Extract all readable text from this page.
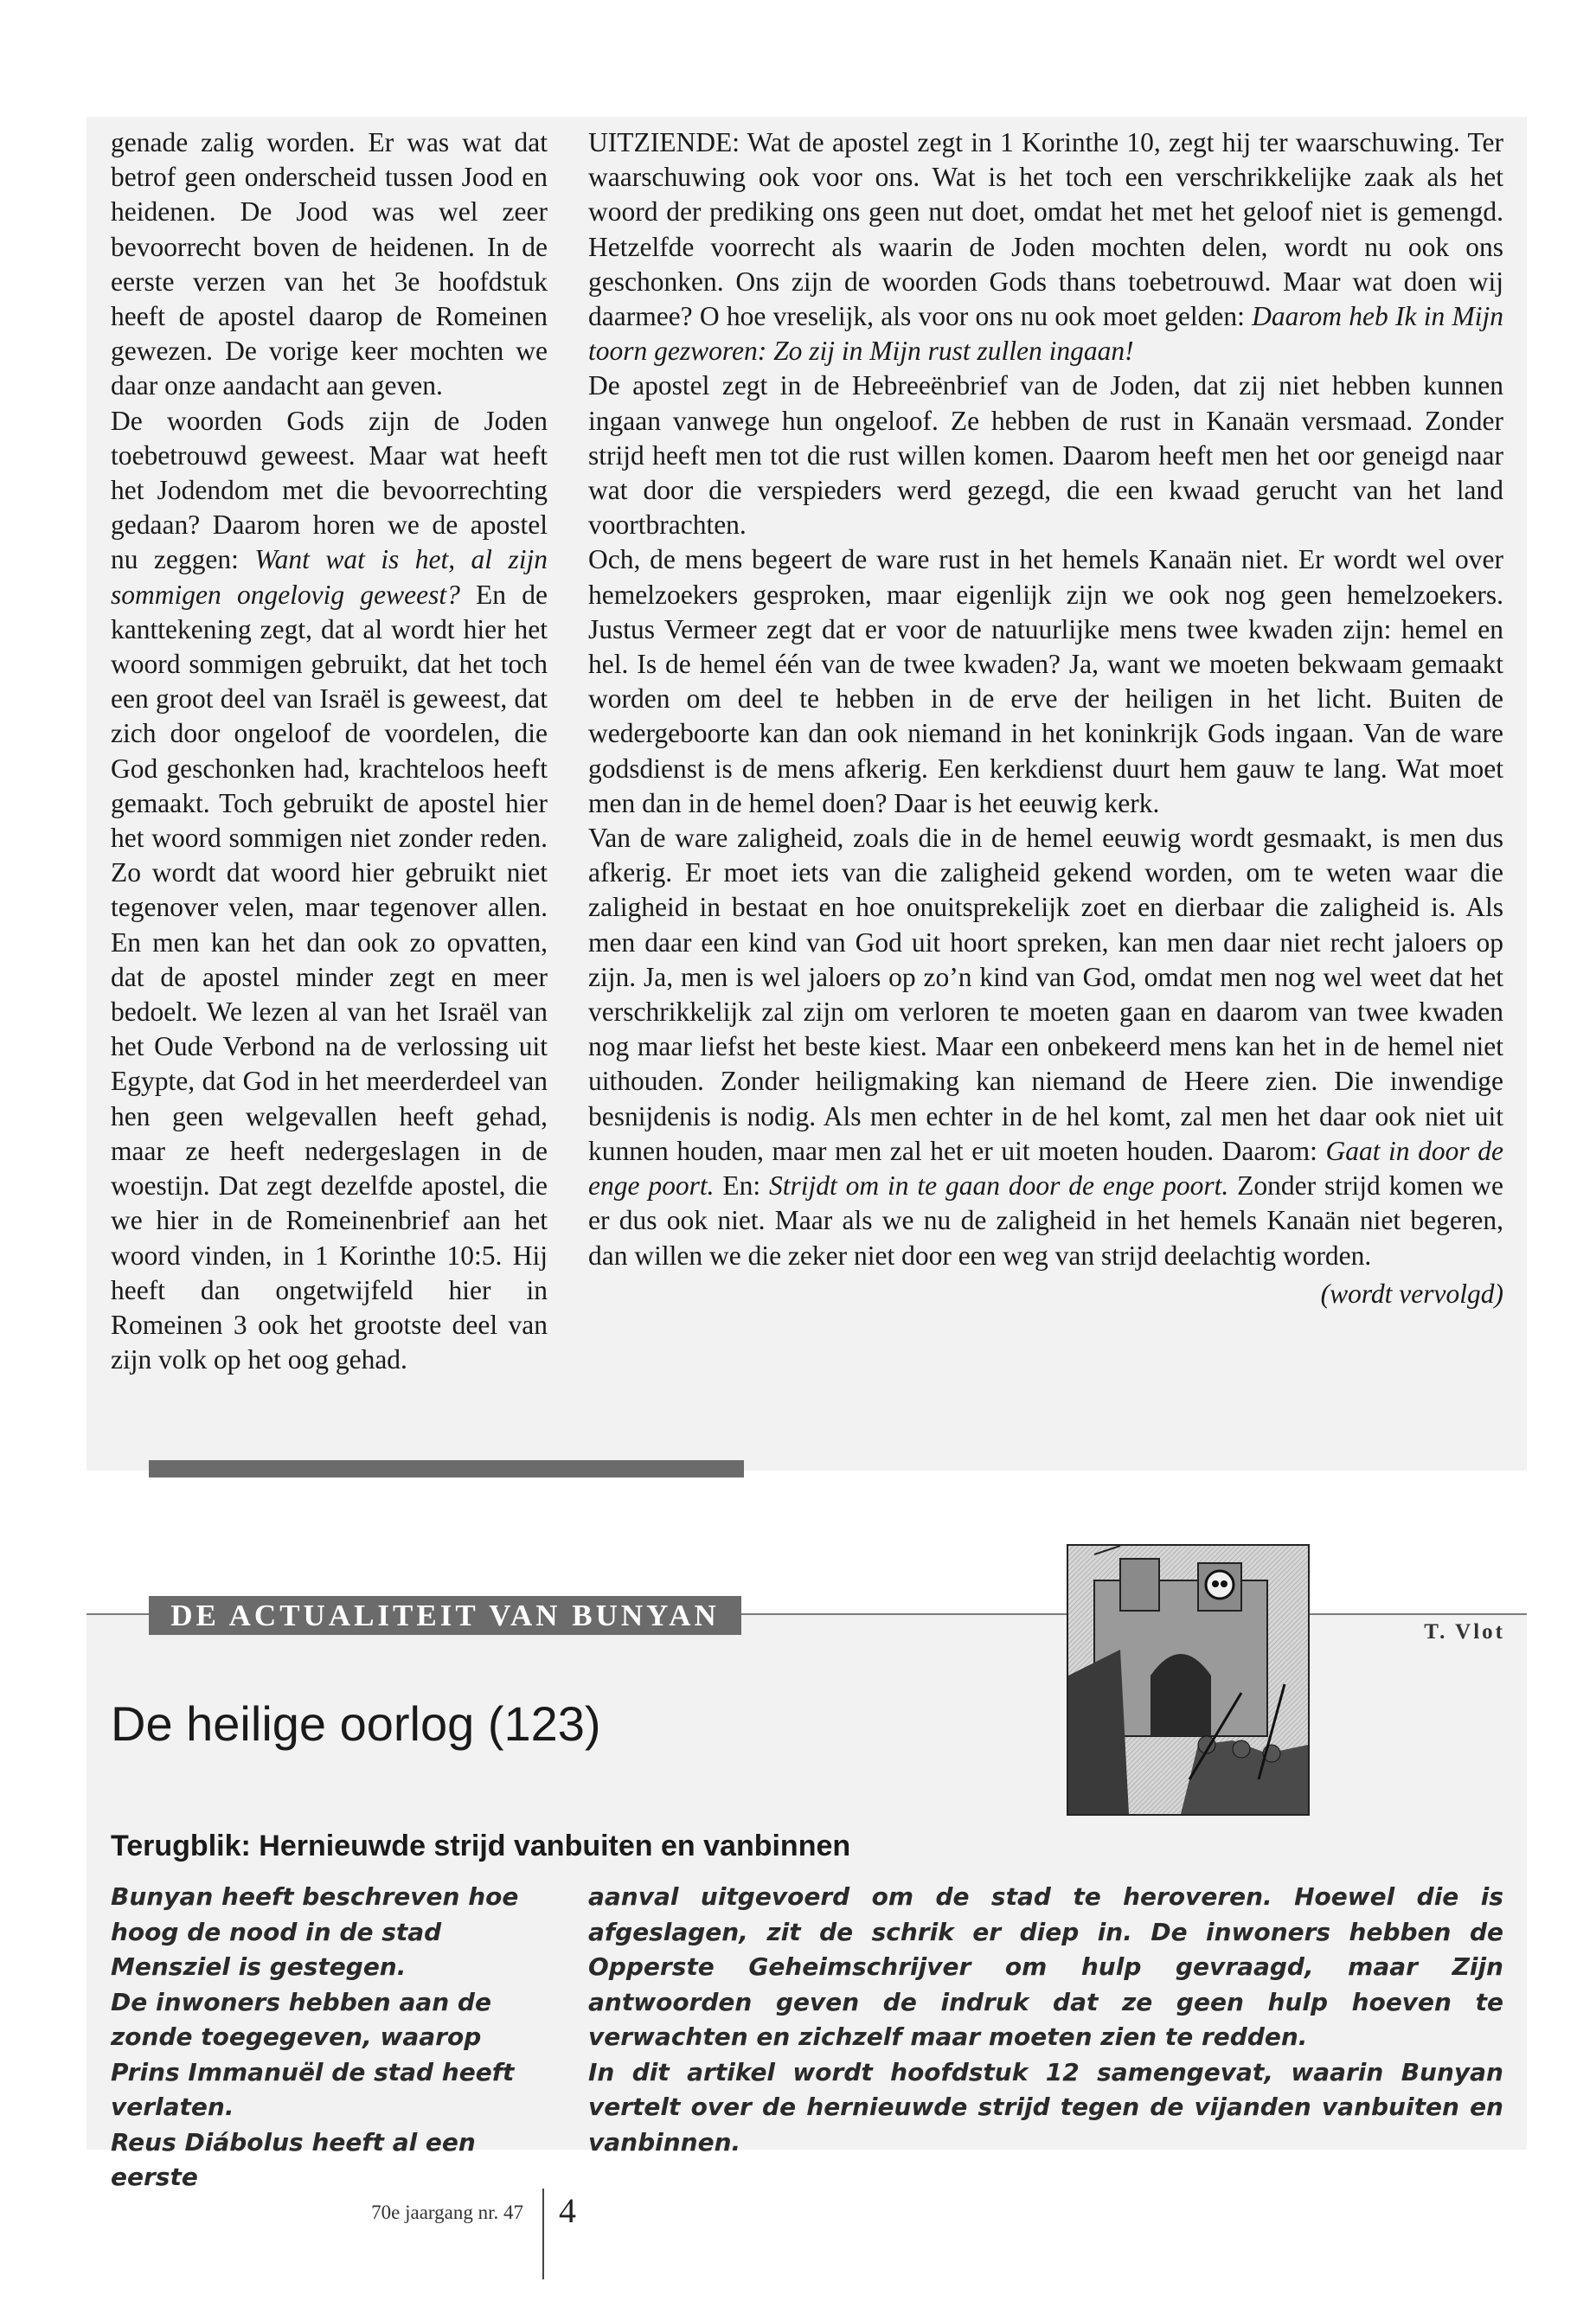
genade zalig worden. Er was wat dat betrof geen onderscheid tussen Jood en heidenen. De Jood was wel zeer bevoorrecht boven de heidenen. In de eerste verzen van het 3e hoofdstuk heeft de apostel daarop de Romeinen gewezen. De vorige keer mochten we daar onze aandacht aan geven.

De woorden Gods zijn de Joden toebetrouwd geweest. Maar wat heeft het Jodendom met die bevoorrechting gedaan? Daarom horen we de apostel nu zeggen: Want wat is het, al zijn sommigen ongelovig geweest? En de kanttekening zegt, dat al wordt hier het woord sommigen gebruikt, dat het toch een groot deel van Israël is geweest, dat zich door ongeloof de voordelen, die God geschonken had, krachteloos heeft gemaakt. Toch gebruikt de apostel hier het woord sommigen niet zonder reden. Zo wordt dat woord hier gebruikt niet tegenover velen, maar tegenover allen. En men kan het dan ook zo opvatten, dat de apostel minder zegt en meer bedoelt. We lezen al van het Israël van het Oude Verbond na de verlossing uit Egypte, dat God in het meerderdeel van hen geen welgevallen heeft gehad, maar ze heeft nedergeslagen in de woestijn. Dat zegt dezelfde apostel, die we hier in de Romeinenbrief aan het woord vinden, in 1 Korinthe 10:5. Hij heeft dan ongetwijfeld hier in Romeinen 3 ook het grootste deel van zijn volk op het oog gehad.

UITZIENDE: Wat de apostel zegt in 1 Korinthe 10, zegt hij ter waarschuwing. Ter waarschuwing ook voor ons. Wat is het toch een verschrikkelijke zaak als het woord der prediking ons geen nut doet, omdat het met het geloof niet is gemengd. Hetzelfde voorrecht als waarin de Joden mochten delen, wordt nu ook ons geschonken. Ons zijn de woorden Gods thans toebetrouwd. Maar wat doen wij daarmee? O hoe vreselijk, als voor ons nu ook moet gelden: Daarom heb Ik in Mijn toorn gezworen: Zo zij in Mijn rust zullen ingaan!

De apostel zegt in de Hebreeënbrief van de Joden, dat zij niet hebben kunnen ingaan vanwege hun ongeloof. Ze hebben de rust in Kanaän versmaad. Zonder strijd heeft men tot die rust willen komen. Daarom heeft men het oor geneigd naar wat door die verspieders werd gezegd, die een kwaad gerucht van het land voortbrachten.

Och, de mens begeert de ware rust in het hemels Kanaän niet. Er wordt wel over hemelzoekers gesproken, maar eigenlijk zijn we ook nog geen hemelzoekers. Justus Vermeer zegt dat er voor de natuurlijke mens twee kwaden zijn: hemel en hel. Is de hemel één van de twee kwaden? Ja, want we moeten bekwaam gemaakt worden om deel te hebben in de erve der heiligen in het licht. Buiten de wedergeboorte kan dan ook niemand in het koninkrijk Gods ingaan. Van de ware godsdienst is de mens afkerig. Een kerkdienst duurt hem gauw te lang. Wat moet men dan in de hemel doen? Daar is het eeuwig kerk.

Van de ware zaligheid, zoals die in de hemel eeuwig wordt gesmaakt, is men dus afkerig. Er moet iets van die zaligheid gekend worden, om te weten waar die zaligheid in bestaat en hoe onuitsprekelijk zoet en dierbaar die zaligheid is. Als men daar een kind van God uit hoort spreken, kan men daar niet recht jaloers op zijn. Ja, men is wel jaloers op zo’n kind van God, omdat men nog wel weet dat het verschrikkelijk zal zijn om verloren te moeten gaan en daarom van twee kwaden nog maar liefst het beste kiest. Maar een onbekeerd mens kan het in de hemel niet uithouden. Zonder heiligmaking kan niemand de Heere zien. Die inwendige besnijdenis is nodig. Als men echter in de hel komt, zal men het daar ook niet uit kunnen houden, maar men zal het er uit moeten houden. Daarom: Gaat in door de enge poort. En: Strijdt om in te gaan door de enge poort. Zonder strijd komen we er dus ook niet. Maar als we nu de zaligheid in het hemels Kanaän niet begeren, dan willen we die zeker niet door een weg van strijd deelachtig worden.

(wordt vervolgd)

DE ACTUALITEIT VAN BUNYAN	T. Vlot
De heilige oorlog (123)
Terugblik: Hernieuwde strijd vanbuiten en vanbinnen

Bunyan heeft beschreven hoe hoog de nood in de stad Mensziel is gestegen.

De inwoners hebben aan de zonde toegegeven, waarop Prins Immanuël de stad heeft verlaten.

Reus Diábolus heeft al een eerste

aanval uitgevoerd om de stad te heroveren. Hoewel die is afgeslagen, zit de schrik er diep in. De inwoners hebben de Opperste Geheimschrijver om hulp gevraagd, maar Zijn antwoorden geven de indruk dat ze geen hulp hoeven te verwachten en zichzelf maar moeten zien te redden.

In dit artikel wordt hoofdstuk 12 samengevat, waarin Bunyan vertelt over de hernieuwde strijd tegen de vijanden vanbuiten en vanbinnen.

70e jaargang nr. 47 4
